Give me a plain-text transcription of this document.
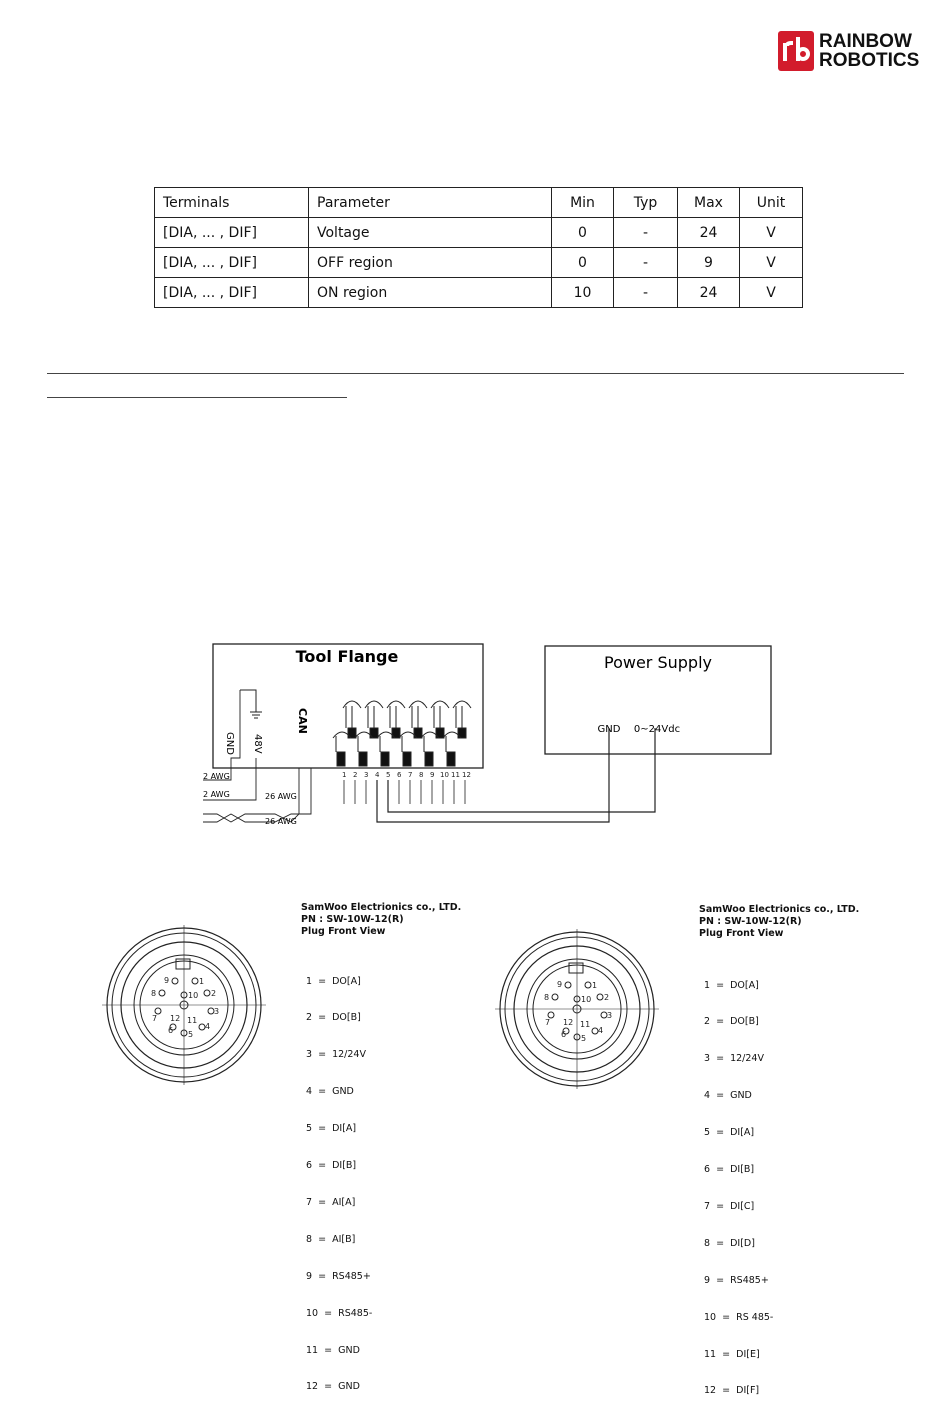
RAINBOW
ROBOTICS
Terminals	Parameter	Min	Typ	Max	Unit
[DIA, ... , DIF]	Voltage	0	-	24	V
[DIA, ... , DIF]	OFF region	0	-	9	V
[DIA, ... , DIF]	ON region	10	-	24	V
Tool Flange
CAN
48V
GND
2 AWG
2 AWG	26 AWG
26 AWG
1 2 3 4 5 6 7 8 9 10 11 12
Power Supply
GND 0~24Vdc
1
2
3
4
5
6
7
8
9
10
11
12
SamWoo Electrionics co., LTD.
PN : SW-10W-12(R)
Plug Front View

1  =  DO[A]

2  =  DO[B]

3  =  12/24V

4  =  GND

5  =  DI[A]

6  =  DI[B]

7  =  AI[A]

8  =  AI[B]

9  =  RS485+

10  =  RS485-

11  =  GND

12  =  GND

1
2
3
4
5
6
7
8
9
10
11
12
SamWoo Electrionics co., LTD.
PN : SW-10W-12(R)
Plug Front View

1  =  DO[A]

2  =  DO[B]

3  =  12/24V

4  =  GND

5  =  DI[A]

6  =  DI[B]

7  =  DI[C]

8  =  DI[D]

9  =  RS485+

10  =  RS 485-

11  =  DI[E]

12  =  DI[F]
